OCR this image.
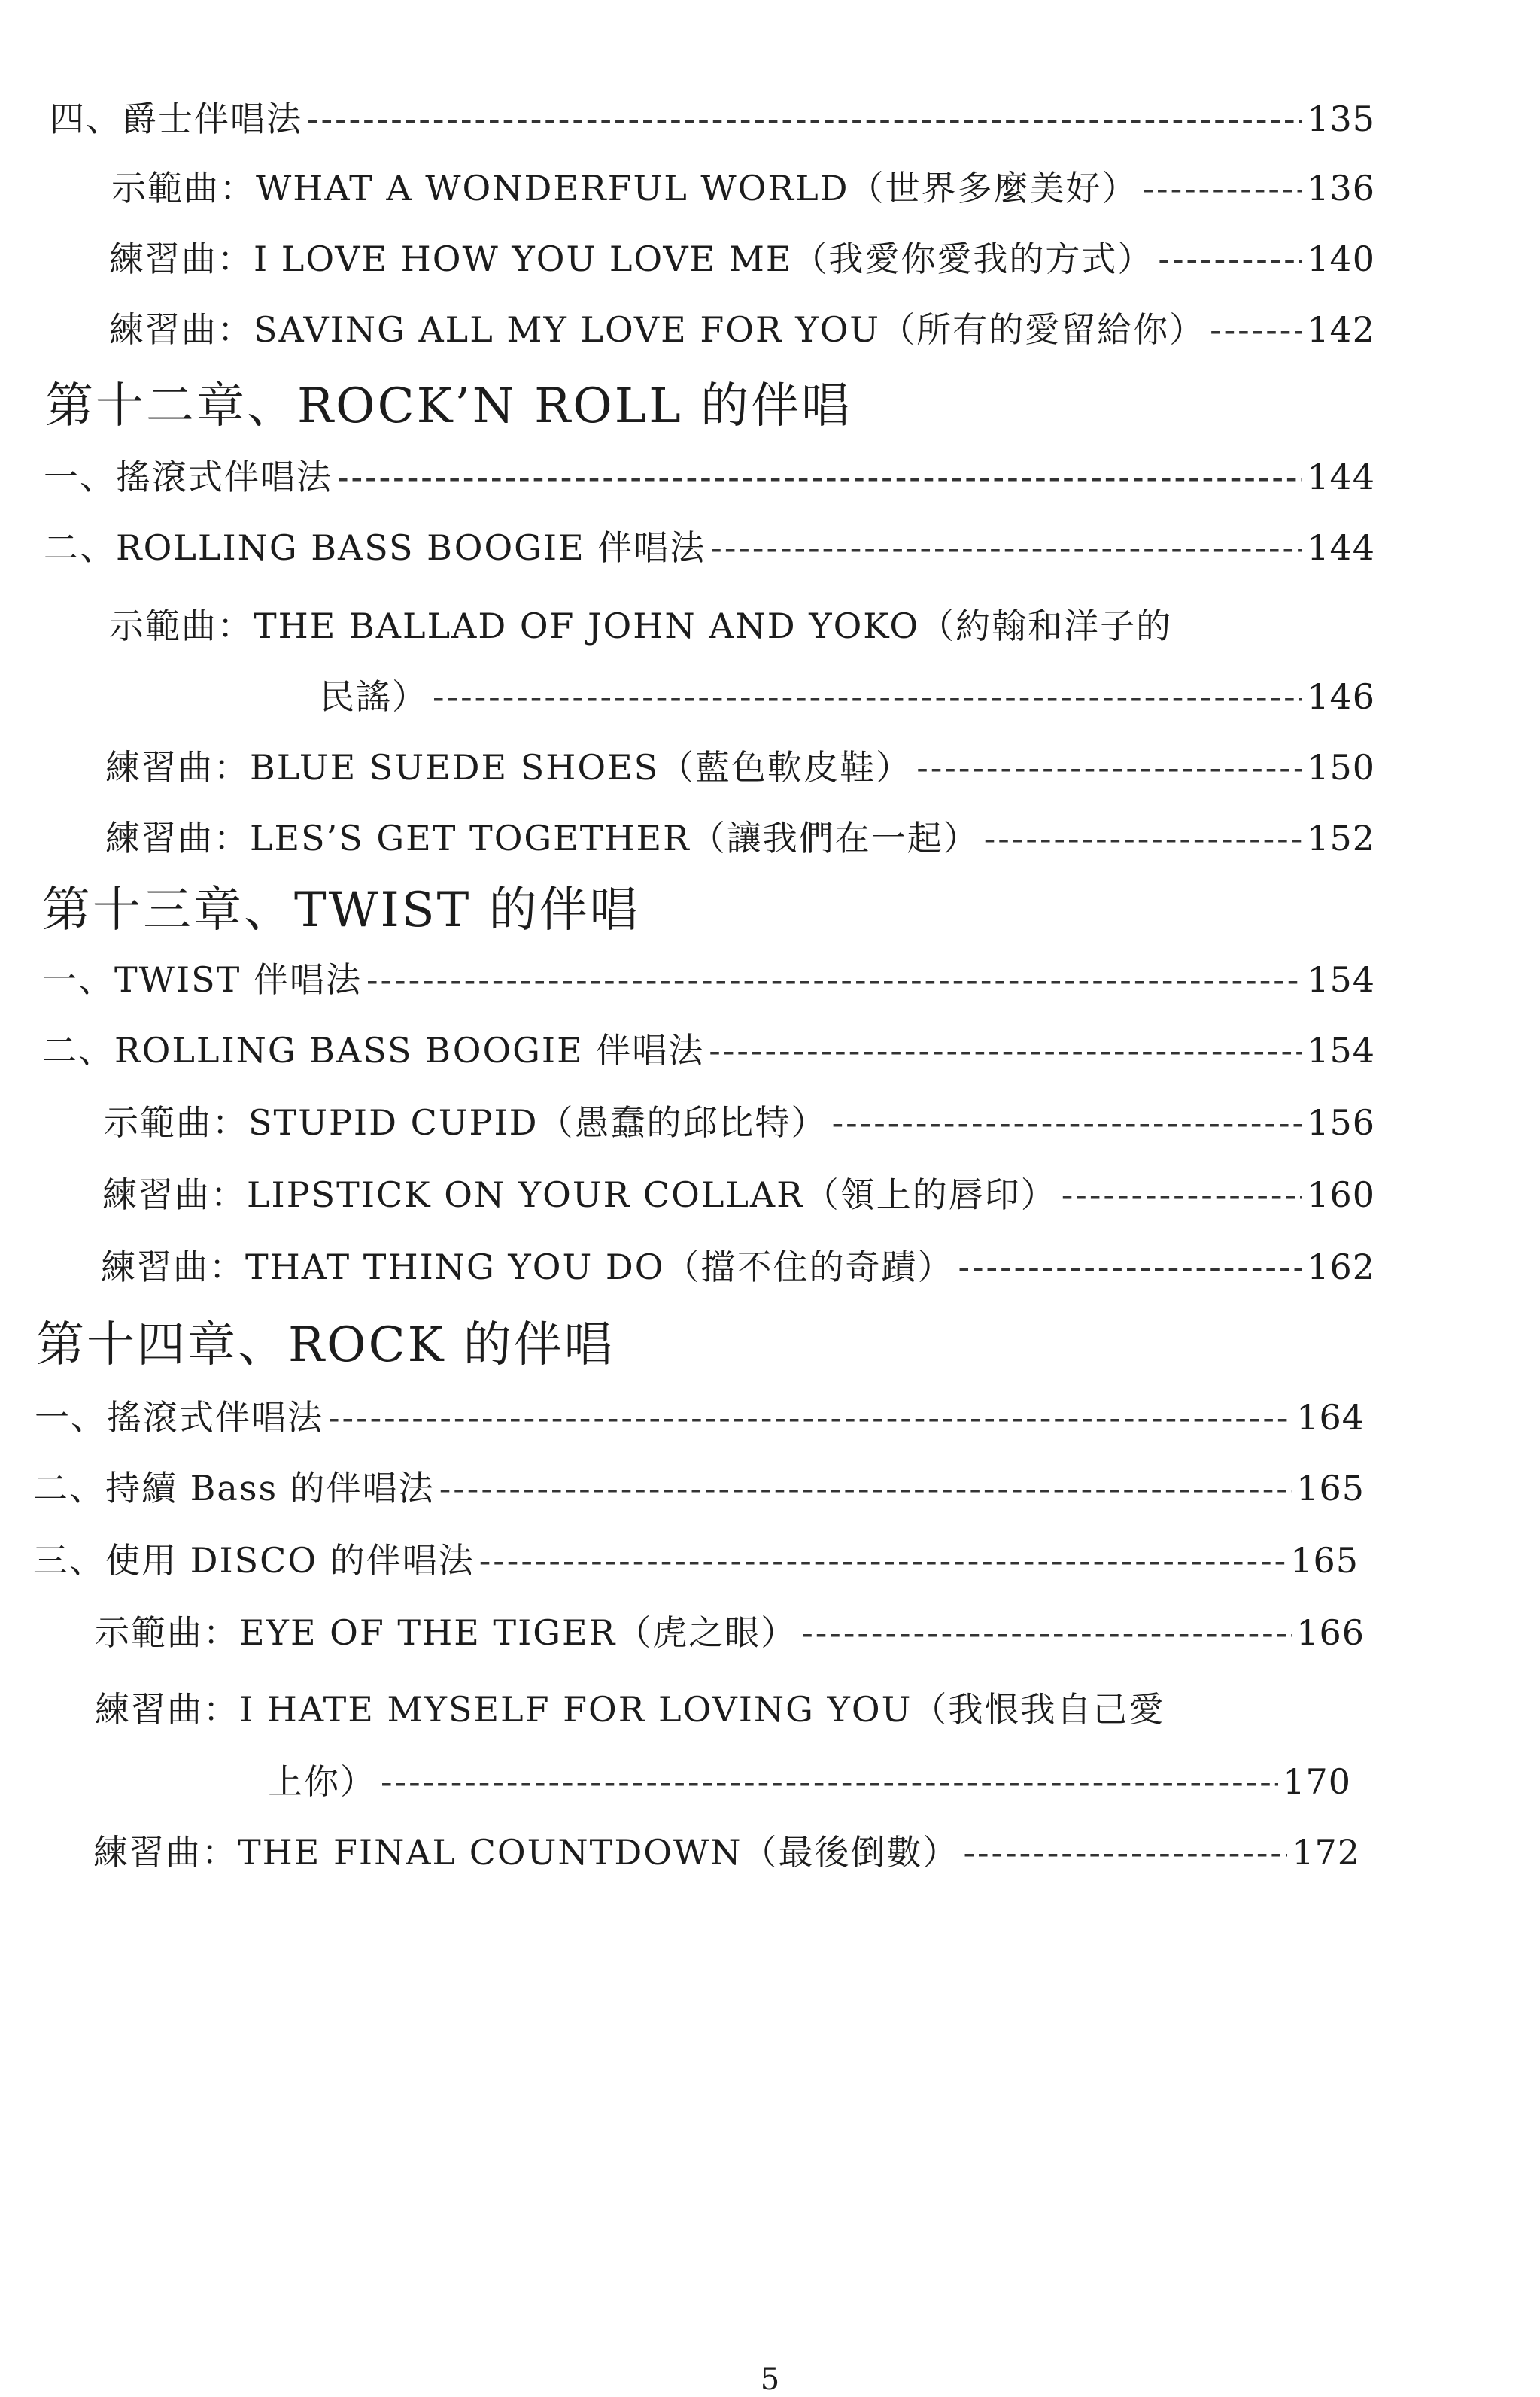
四、爵士伴唱法 -----	135
示範曲：WHAT A WONDERFUL WORLD（世界多麼美好） -----	136
練習曲：I LOVE HOW YOU LOVE ME（我愛你愛我的方式） -----	140
練習曲：SAVING ALL MY LOVE FOR YOU（所有的愛留給你） -----	142
第十二章、ROCK’N ROLL 的伴唱
一、搖滾式伴唱法 -----	144
二、ROLLING BASS BOOGIE 伴唱法 -----	144
示範曲：THE BALLAD OF JOHN AND YOKO（約翰和洋子的
民謠） -----	146
練習曲：BLUE SUEDE SHOES（藍色軟皮鞋） -----	150
練習曲：LES’S GET TOGETHER（讓我們在一起） -----	152
第十三章、TWIST 的伴唱
一、TWIST 伴唱法 -----	154
二、ROLLING BASS BOOGIE 伴唱法 -----	154
示範曲：STUPID CUPID（愚蠢的邱比特） -----	156
練習曲：LIPSTICK ON YOUR COLLAR（領上的唇印） -----	160
練習曲：THAT THING YOU DO（擋不住的奇蹟） -----	162
第十四章、ROCK 的伴唱
一、搖滾式伴唱法 -----	164
二、持續 Bass 的伴唱法 -----	165
三、使用 DISCO 的伴唱法 -----	165
示範曲：EYE OF THE TIGER（虎之眼） -----	166
練習曲：I HATE MYSELF FOR LOVING YOU（我恨我自己愛
上你） -----	170
練習曲：THE FINAL COUNTDOWN（最後倒數） -----	172
5
